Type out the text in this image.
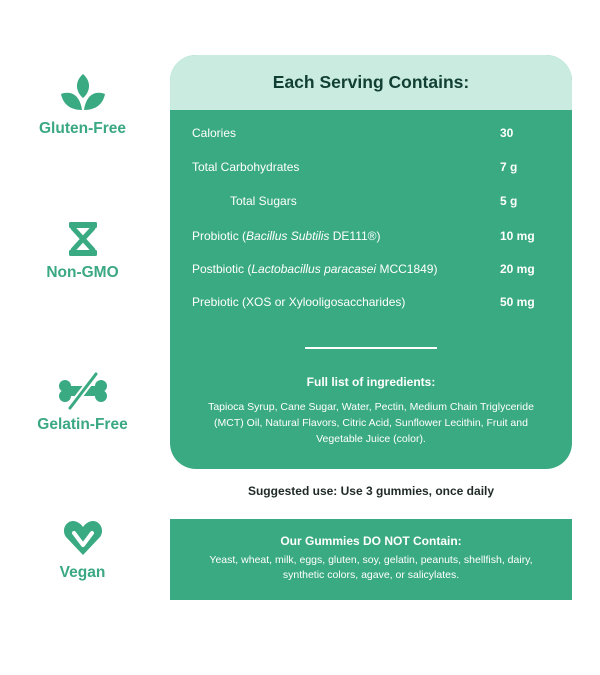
Gluten-Free
Non-GMO
Gelatin-Free
Vegan
Each Serving Contains:
Calories	30
Total Carbohydrates	7 g
Total Sugars	5 g
Probiotic (Bacillus Subtilis DE111®)	10 mg
Postbiotic (Lactobacillus paracasei MCC1849)	20 mg
Prebiotic (XOS or Xylooligosaccharides)	50 mg
Full list of ingredients:
Tapioca Syrup, Cane Sugar, Water, Pectin, Medium Chain Triglyceride (MCT) Oil, Natural Flavors, Citric Acid, Sunflower Lecithin, Fruit and Vegetable Juice (color).
Suggested use: Use 3 gummies, once daily
Our Gummies DO NOT Contain:
Yeast, wheat, milk, eggs, gluten, soy, gelatin, peanuts, shellfish, dairy, synthetic colors, agave, or salicylates.
